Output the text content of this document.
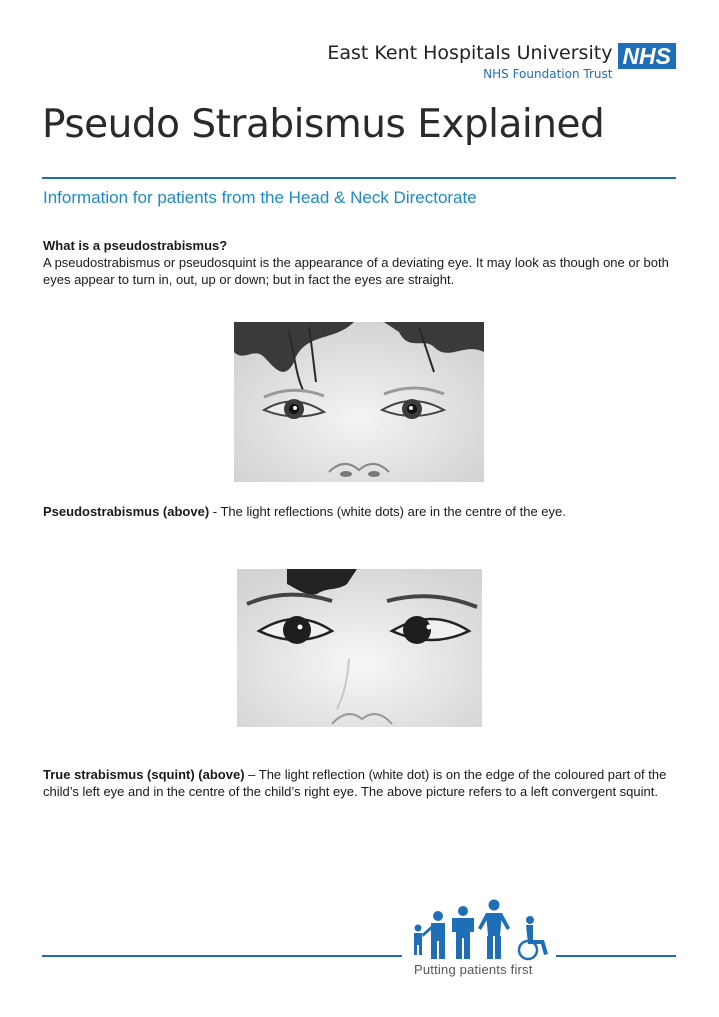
East Kent Hospitals University
NHS Foundation Trust
NHS
Pseudo Strabismus Explained
Information for patients from the Head & Neck Directorate
What is a pseudostrabismus?
A pseudostrabismus or pseudosquint is the appearance of a deviating eye. It may look as though one or both eyes appear to turn in, out, up or down; but in fact the eyes are straight.
Pseudostrabismus (above) - The light reflections (white dots) are in the centre of the eye.
True strabismus (squint) (above) – The light reflection (white dot) is on the edge of the coloured part of the child’s left eye and in the centre of the child’s right eye. The above picture refers to a left convergent squint.
Putting patients first
